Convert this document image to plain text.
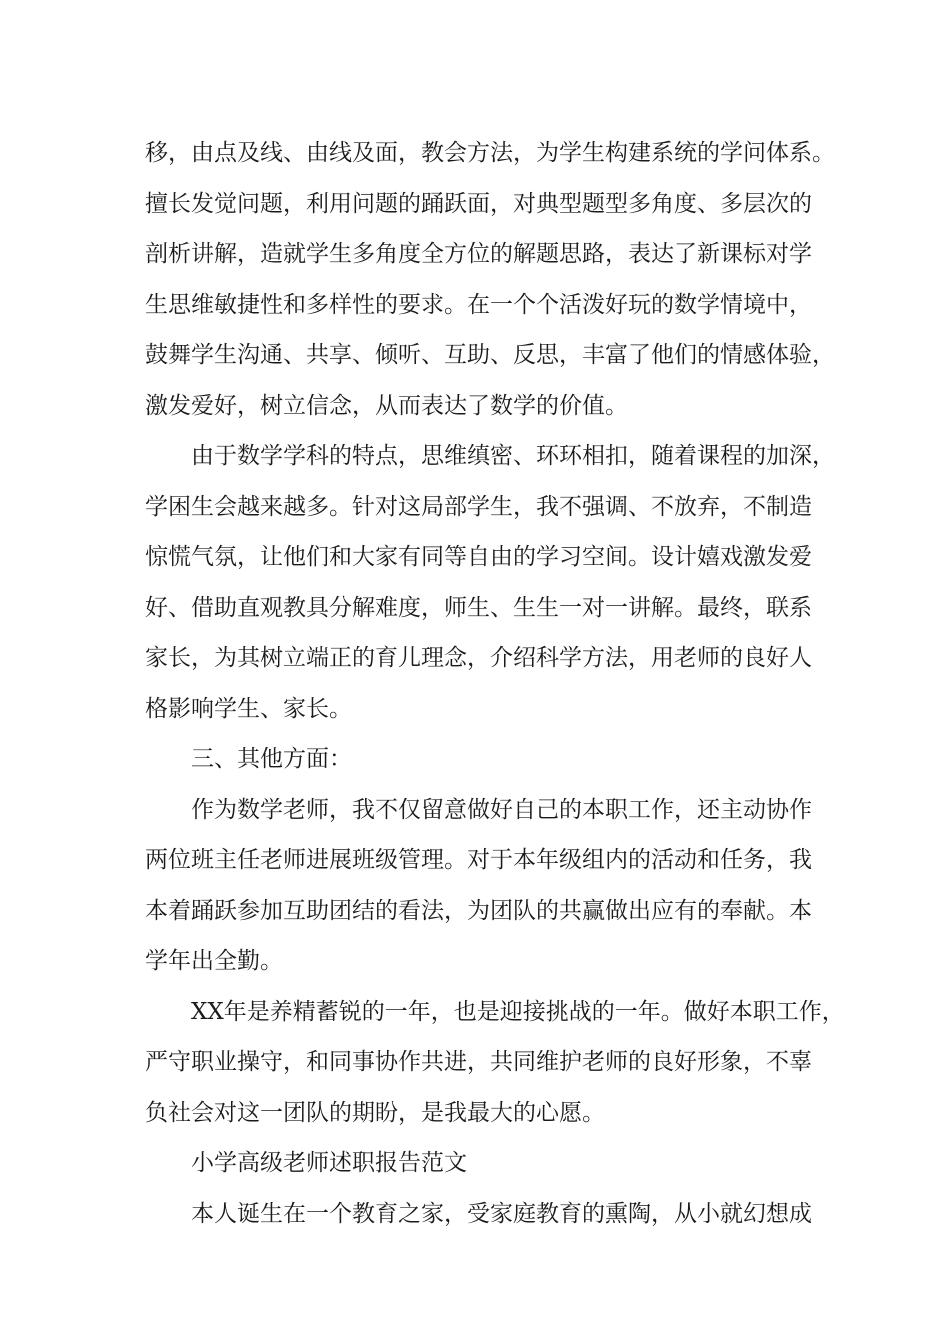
移，由点及线、由线及面，教会方法，为学生构建系统的学问体系。
擅长发觉问题，利用问题的踊跃面，对典型题型多角度、多层次的
剖析讲解，造就学生多角度全方位的解题思路，表达了新课标对学
生思维敏捷性和多样性的要求。在一个个活泼好玩的数学情境中，
鼓舞学生沟通、共享、倾听、互助、反思，丰富了他们的情感体验，
激发爱好，树立信念，从而表达了数学的价值。
由于数学学科的特点，思维缜密、环环相扣，随着课程的加深，
学困生会越来越多。针对这局部学生，我不强调、不放弃，不制造
惊慌气氛，让他们和大家有同等自由的学习空间。设计嬉戏激发爱
好、借助直观教具分解难度，师生、生生一对一讲解。最终，联系
家长，为其树立端正的育儿理念，介绍科学方法，用老师的良好人
格影响学生、家长。
三、其他方面：
作为数学老师，我不仅留意做好自己的本职工作，还主动协作
两位班主任老师进展班级管理。对于本年级组内的活动和任务，我
本着踊跃参加互助团结的看法，为团队的共赢做出应有的奉献。本
学年出全勤。
XX年是养精蓄锐的一年，也是迎接挑战的一年。做好本职工作，
严守职业操守，和同事协作共进，共同维护老师的良好形象，不辜
负社会对这一团队的期盼，是我最大的心愿。
小学高级老师述职报告范文
本人诞生在一个教育之家，受家庭教育的熏陶，从小就幻想成
